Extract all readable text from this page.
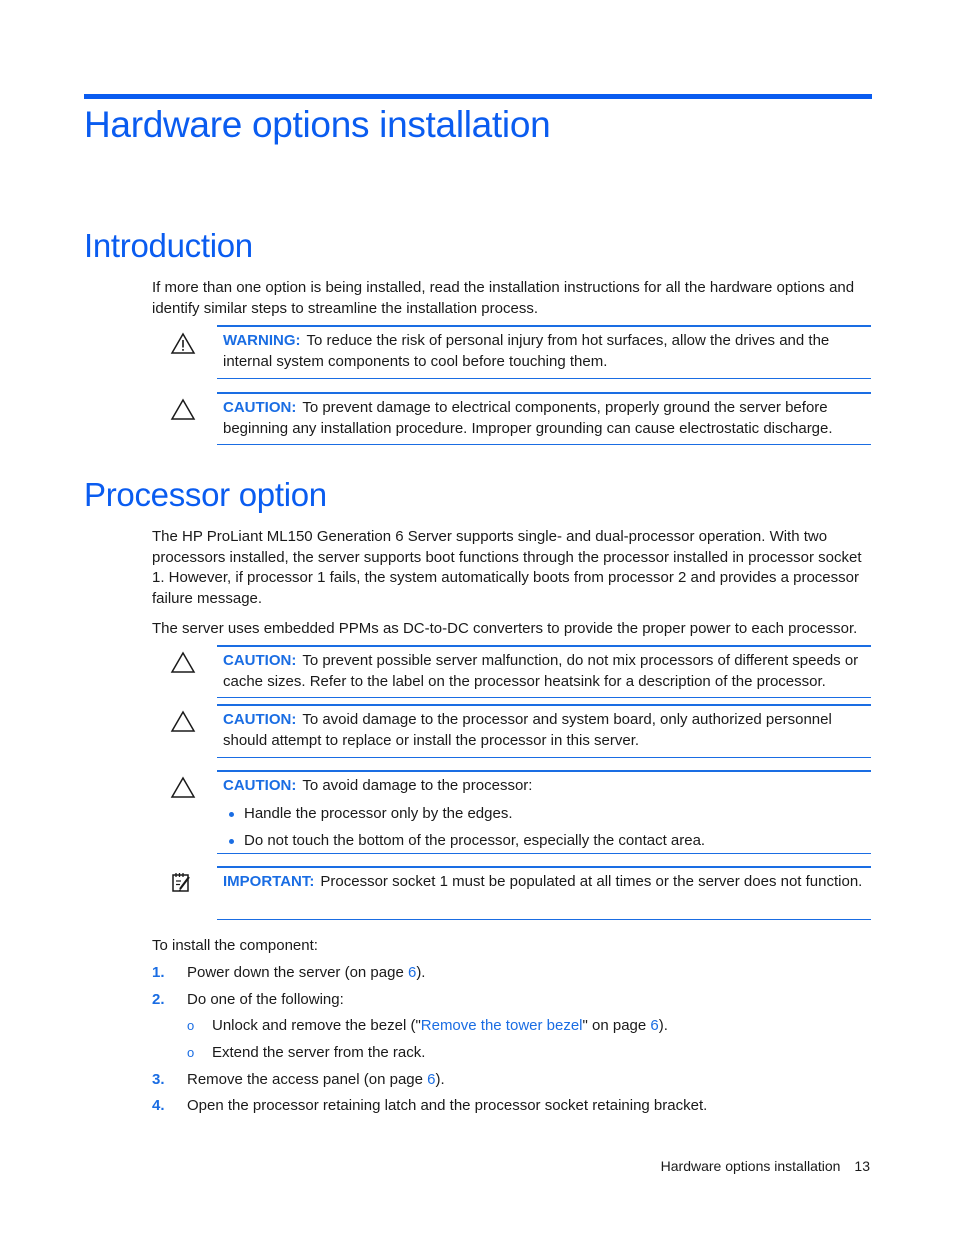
Hardware options installation
Introduction
If more than one option is being installed, read the installation instructions for all the hardware options and identify similar steps to streamline the installation process.
WARNING: To reduce the risk of personal injury from hot surfaces, allow the drives and the internal system components to cool before touching them.
CAUTION: To prevent damage to electrical components, properly ground the server before beginning any installation procedure. Improper grounding can cause electrostatic discharge.
Processor option
The HP ProLiant ML150 Generation 6 Server supports single- and dual-processor operation. With two processors installed, the server supports boot functions through the processor installed in processor socket 1. However, if processor 1 fails, the system automatically boots from processor 2 and provides a processor failure message.
The server uses embedded PPMs as DC-to-DC converters to provide the proper power to each processor.
CAUTION: To prevent possible server malfunction, do not mix processors of different speeds or cache sizes. Refer to the label on the processor heatsink for a description of the processor.
CAUTION: To avoid damage to the processor and system board, only authorized personnel should attempt to replace or install the processor in this server.
CAUTION: To avoid damage to the processor:
Handle the processor only by the edges.
Do not touch the bottom of the processor, especially the contact area.
IMPORTANT: Processor socket 1 must be populated at all times or the server does not function.
To install the component:
1. Power down the server (on page 6).
2. Do one of the following:
o Unlock and remove the bezel ("Remove the tower bezel" on page 6).
o Extend the server from the rack.
3. Remove the access panel (on page 6).
4. Open the processor retaining latch and the processor socket retaining bracket.
Hardware options installation 13
